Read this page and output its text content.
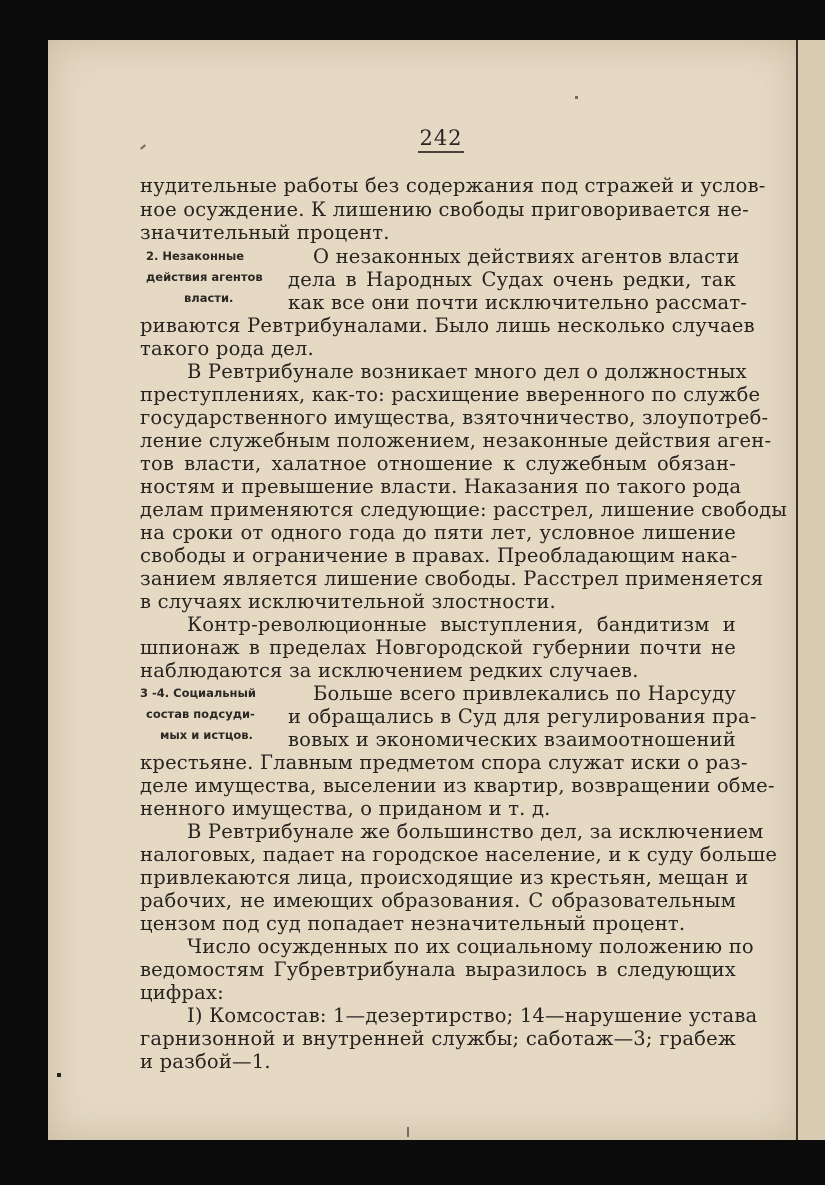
242
нудительные работы без содержания под стражей и услов-
ное осуждение. К лишению свободы приговоривается не-
значительный процент.
2. Незаконные
действия агентов
власти.
О незаконных действиях агентов власти
дела в Народных Судах очень редки, так
как все они почти исключительно рассмат-
риваются Ревтрибуналами. Было лишь несколько случаев
такого рода дел.
В Ревтрибунале возникает много дел о должностных
преступлениях, как-то: расхищение вверенного по службе
государственного имущества, взяточничество, злоупотреб-
ление служебным положением, незаконные действия аген-
тов власти, халатное отношение к служебным обязан-
ностям и превышение власти. Наказания по такого рода
делам применяются следующие: расстрел, лишение свободы
на сроки от одного года до пяти лет, условное лишение
свободы и ограничение в правах. Преобладающим нака-
занием является лишение свободы. Расстрел применяется
в случаях исключительной злостности.
Контр-революционные выступления, бандитизм и
шпионаж в пределах Новгородской губернии почти не
наблюдаются за исключением редких случаев.
3 -4. Социальный
состав подсуди-
мых и истцов.
Больше всего привлекались по Нарсуду
и обращались в Суд для регулирования пра-
вовых и экономических взаимоотношений
крестьяне. Главным предметом спора служат иски о раз-
деле имущества, выселении из квартир, возвращении обме-
ненного имущества, о приданом и т. д.
В Ревтрибунале же большинство дел, за исключением
налоговых, падает на городское население, и к суду больше
привлекаются лица, происходящие из крестьян, мещан и
рабочих, не имеющих образования. С образовательным
цензом под суд попадает незначительный процент.
Число осужденных по их социальному положению по
ведомостям Губревтрибунала выразилось в следующих
цифрах:
I) Комсостав: 1—дезертирство; 14—нарушение устава
гарнизонной и внутренней службы; саботаж—3; грабеж
и разбой—1.
